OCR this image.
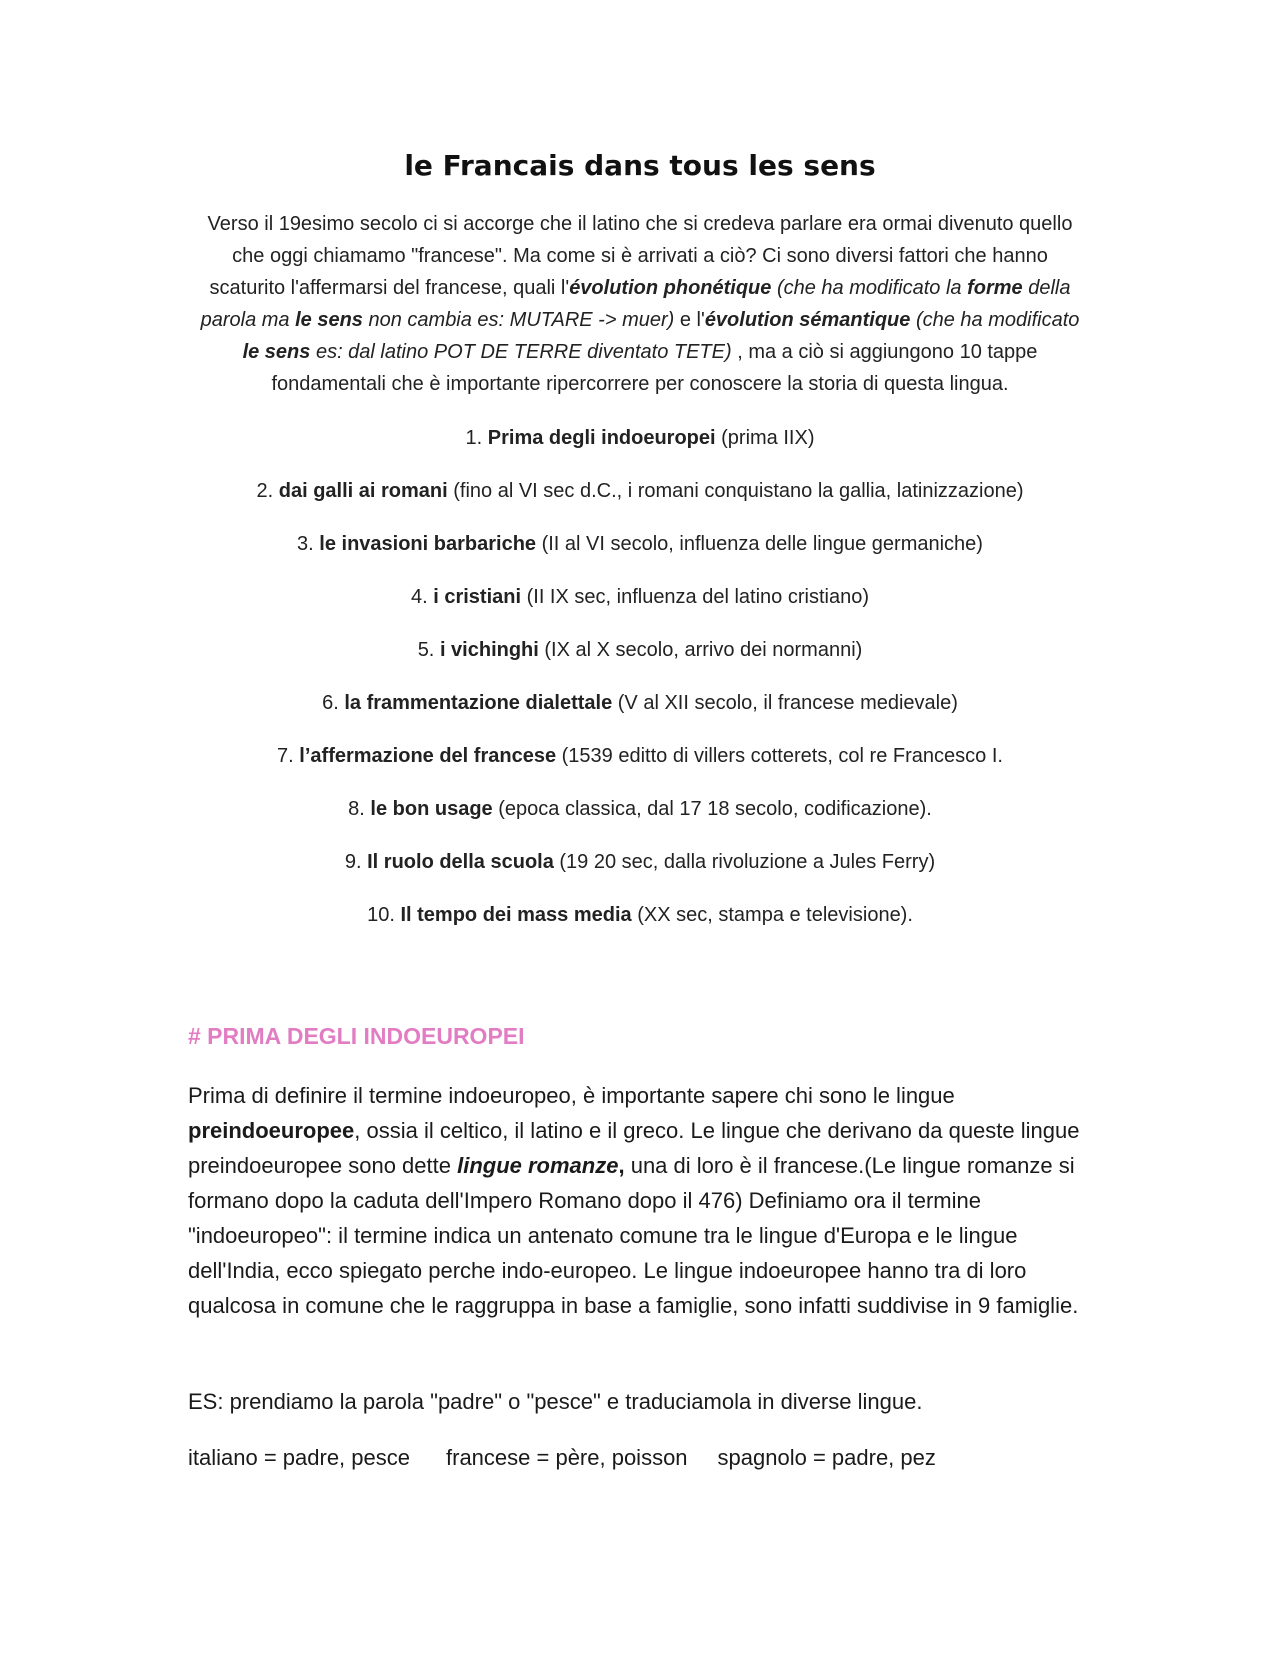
le Francais dans tous les sens

Verso il 19esimo secolo ci si accorge che il latino che si credeva parlare era ormai divenuto quello che oggi chiamamo "francese". Ma come si è arrivati a ciò? Ci sono diversi fattori che hanno scaturito l'affermarsi del francese, quali l'évolution phonétique (che ha modificato la forme della parola ma le sens non cambia es: MUTARE -> muer) e l'évolution sémantique (che ha modificato le sens es: dal latino POT DE TERRE diventato TETE) , ma a ciò si aggiungono 10 tappe fondamentali che è importante ripercorrere per conoscere la storia di questa lingua.

1. Prima degli indoeuropei (prima IIX)
2. dai galli ai romani (fino al VI sec d.C., i romani conquistano la gallia, latinizzazione)
3. le invasioni barbariche (II al VI secolo, influenza delle lingue germaniche)
4. i cristiani (II IX sec, influenza del latino cristiano)
5. i vichinghi (IX al X secolo, arrivo dei normanni)
6. la frammentazione dialettale (V al XII secolo, il francese medievale)
7. l’affermazione del francese (1539 editto di villers cotterets, col re Francesco I.
8. le bon usage (epoca classica, dal 17 18 secolo, codificazione).
9. Il ruolo della scuola (19 20 sec, dalla rivoluzione a Jules Ferry)
10. Il tempo dei mass media (XX sec, stampa e televisione).
# PRIMA DEGLI INDOEUROPEI

Prima di definire il termine indoeuropeo, è importante sapere chi sono le lingue preindoeuropee, ossia il celtico, il latino e il greco. Le lingue che derivano da queste lingue preindoeuropee sono dette lingue romanze, una di loro è il francese.(Le lingue romanze si formano dopo la caduta dell'Impero Romano dopo il 476) Definiamo ora il termine "indoeuropeo": il termine indica un antenato comune tra le lingue d'Europa e le lingue dell'India, ecco spiegato perche indo-europeo. Le lingue indoeuropee hanno tra di loro qualcosa in comune che le raggruppa in base a famiglie, sono infatti suddivise in 9 famiglie.

ES: prendiamo la parola "padre" o "pesce" e traduciamola in diverse lingue.

italiano = padre, pesce francese = père, poisson spagnolo = padre, pez
